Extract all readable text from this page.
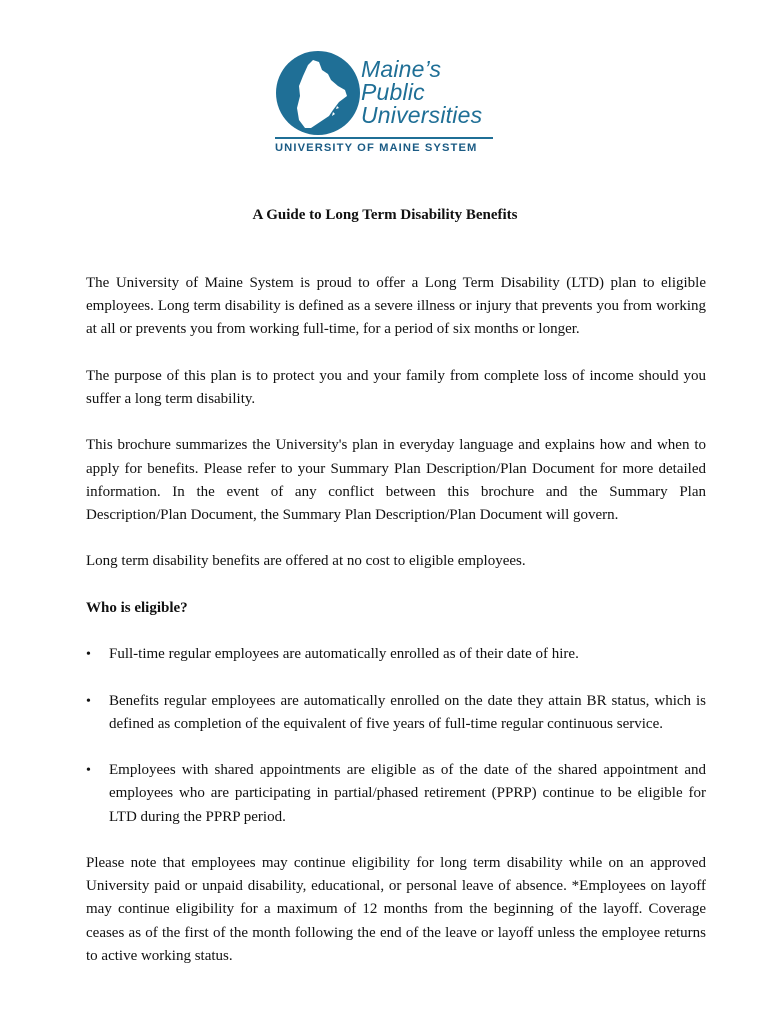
Maine’s
Public
Universities
UNIVERSITY OF MAINE SYSTEM
A Guide to Long Term Disability Benefits

The University of Maine System is proud to offer a Long Term Disability (LTD) plan to eligible employees. Long term disability is defined as a severe illness or injury that prevents you from working at all or prevents you from working full-time, for a period of six months or longer.

The purpose of this plan is to protect you and your family from complete loss of income should you suffer a long term disability.

This brochure summarizes the University's plan in everyday language and explains how and when to apply for benefits. Please refer to your Summary Plan Description/Plan Document for more detailed information. In the event of any conflict between this brochure and the Summary Plan Description/Plan Document, the Summary Plan Description/Plan Document will govern.

Long term disability benefits are offered at no cost to eligible employees.

Who is eligible?

• Full-time regular employees are automatically enrolled as of their date of hire.
• Benefits regular employees are automatically enrolled on the date they attain BR status, which is defined as completion of the equivalent of five years of full-time regular continuous service.
• Employees with shared appointments are eligible as of the date of the shared appointment and employees who are participating in partial/phased retirement (PPRP) continue to be eligible for LTD during the PPRP period.

Please note that employees may continue eligibility for long term disability while on an approved University paid or unpaid disability, educational, or personal leave of absence. *Employees on layoff may continue eligibility for a maximum of 12 months from the beginning of the layoff. Coverage ceases as of the first of the month following the end of the leave or layoff unless the employee returns to active working status.
